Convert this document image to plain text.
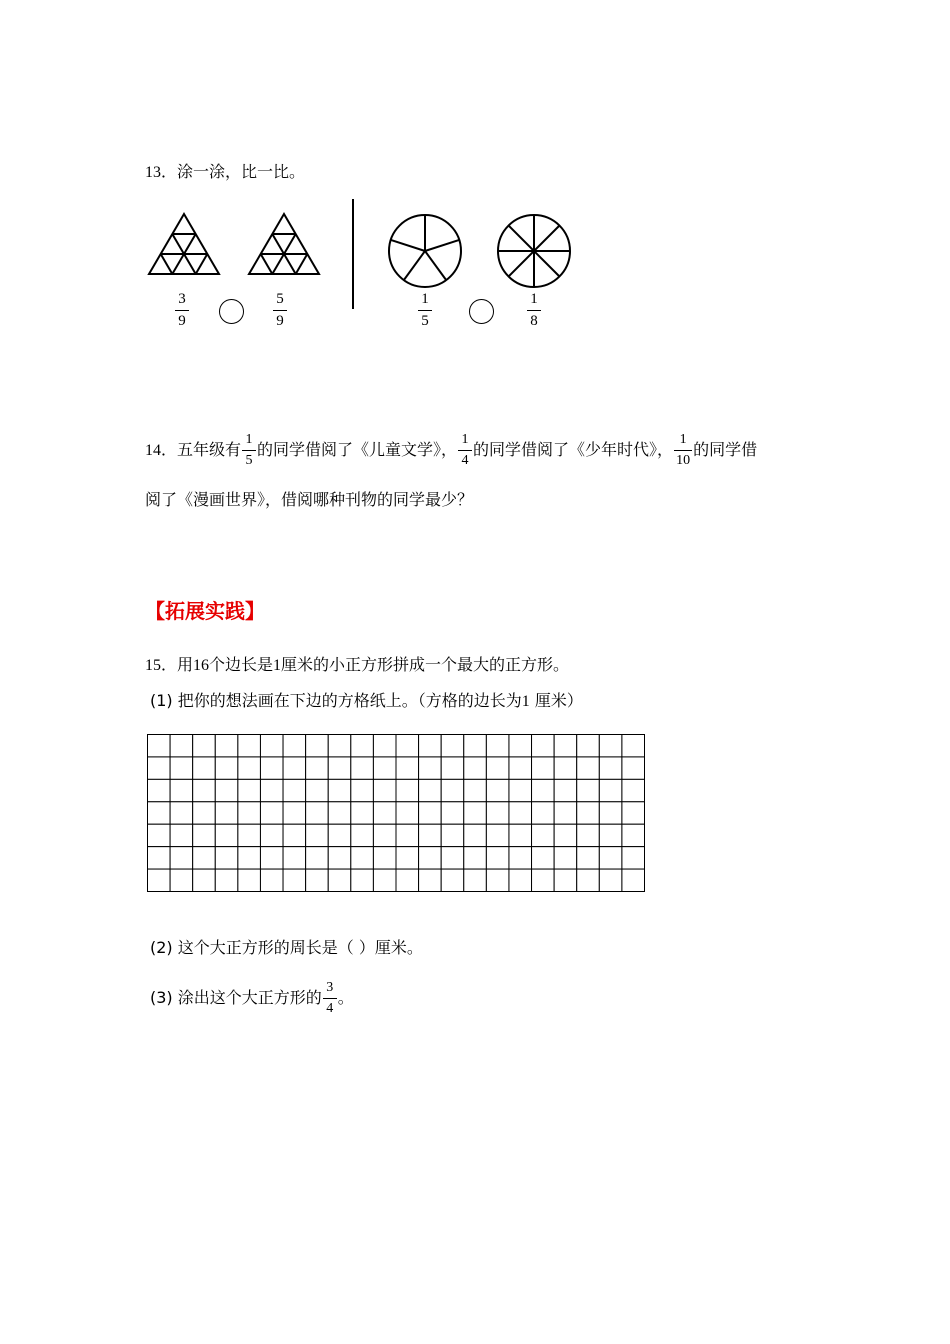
13．涂一涂，比一比。
3
9
5
9
1
5
1
8
14．五年级有 $\frac{1}{5}$ 的同学借阅了《儿童文学》， $\frac{1}{4}$ 的同学借阅了《少年时代》， $\frac{1}{10}$ 的同学借
阅了《漫画世界》，借阅哪种刊物的同学最少？
【拓展实践】
15．用16个边长是1厘米的小正方形拼成一个最大的正方形。
(1) 把你的想法画在下边的方格纸上。（方格的边长为1 厘米）
(2) 这个大正方形的周长是（ ）厘米。
(3) 涂出这个大正方形的 $\frac{3}{4}$ 。
